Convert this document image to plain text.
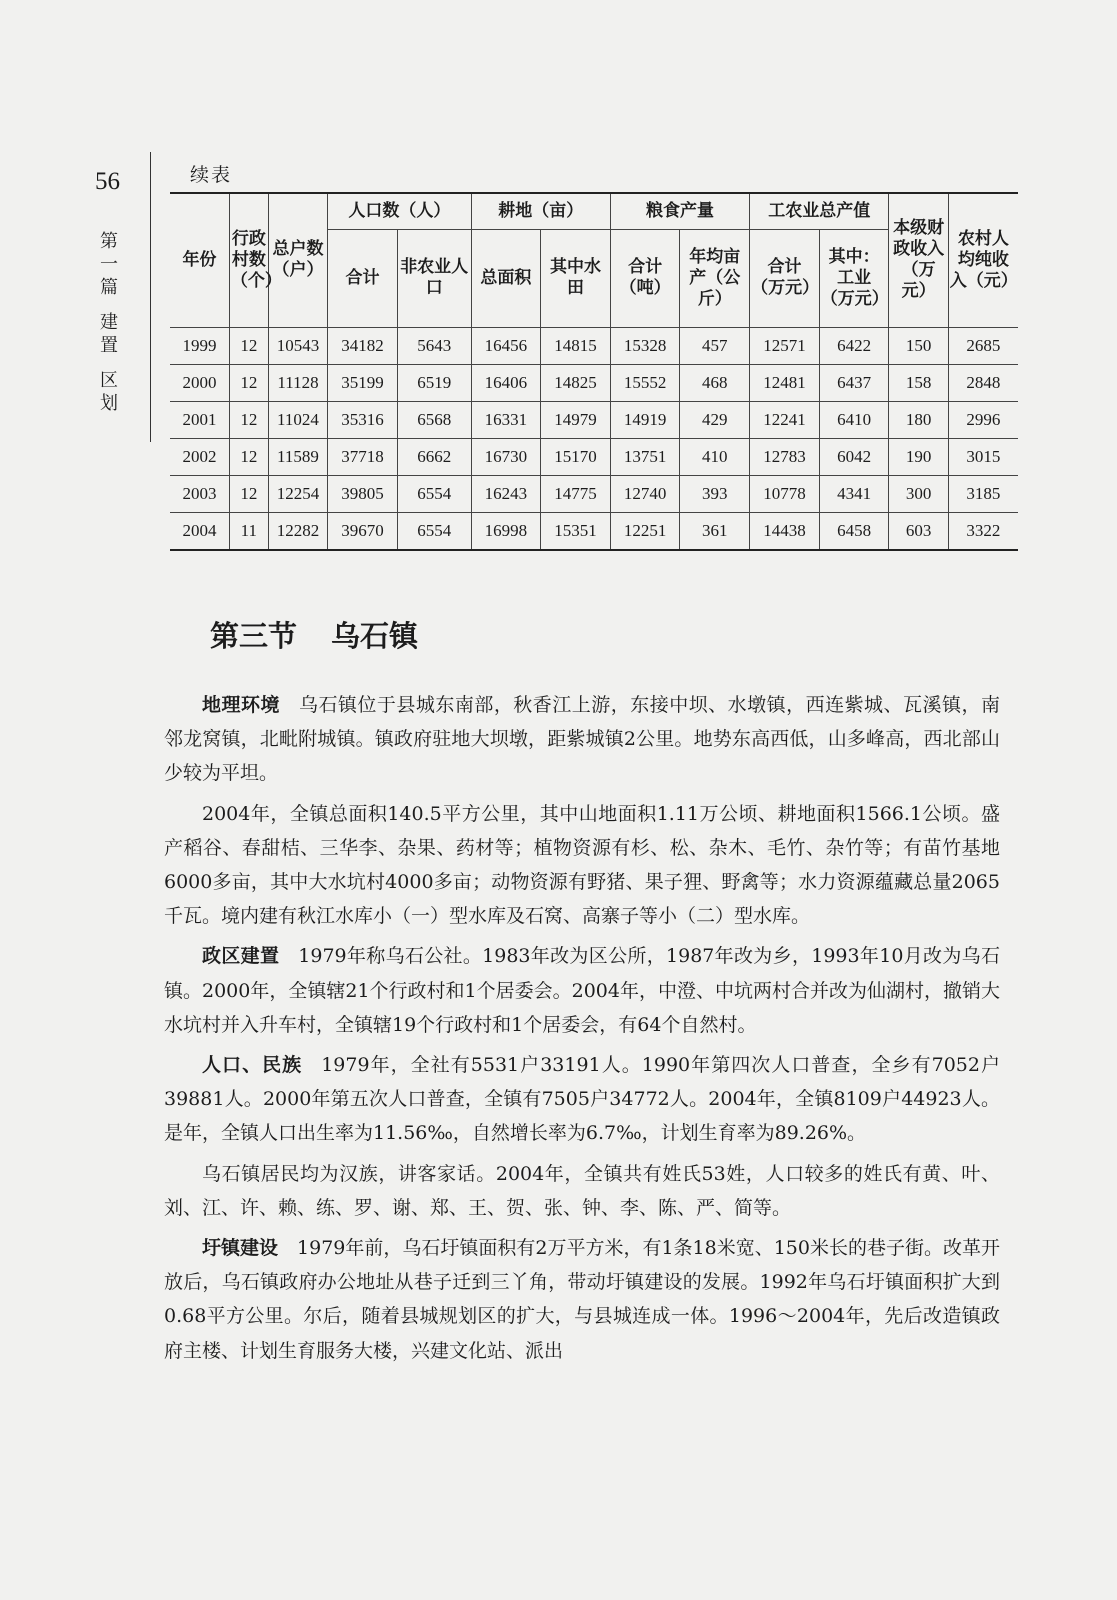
56
第
一
篇
建
置
区
划
续表
年份	行政村数（个）	总户数（户）	人口数（人）		耕地（亩）		粮食产量		工农业总产值		本级财政收入（万元）	农村人均纯收入（元）
			合计	非农业人口	总面积	其中水田	合计（吨）	年均亩产（公斤）	合计（万元）	其中：工业（万元）		
1999	12	10543	34182	5643	16456	14815	15328	457	12571	6422	150	2685
2000	12	11128	35199	6519	16406	14825	15552	468	12481	6437	158	2848
2001	12	11024	35316	6568	16331	14979	14919	429	12241	6410	180	2996
2002	12	11589	37718	6662	16730	15170	13751	410	12783	6042	190	3015
2003	12	12254	39805	6554	16243	14775	12740	393	10778	4341	300	3185
2004	11	12282	39670	6554	16998	15351	12251	361	14438	6458	603	3322
第三节 乌石镇

地理环境 乌石镇位于县城东南部，秋香江上游，东接中坝、水墩镇，西连紫城、瓦溪镇，南邻龙窝镇，北毗附城镇。镇政府驻地大坝墩，距紫城镇2公里。地势东高西低，山多峰高，西北部山少较为平坦。

2004年，全镇总面积140.5平方公里，其中山地面积1.11万公顷、耕地面积1566.1公顷。盛产稻谷、春甜桔、三华李、杂果、药材等；植物资源有杉、松、杂木、毛竹、杂竹等；有苗竹基地6000多亩，其中大水坑村4000多亩；动物资源有野猪、果子狸、野禽等；水力资源蕴藏总量2065千瓦。境内建有秋江水库小（一）型水库及石窝、高寨子等小（二）型水库。

政区建置 1979年称乌石公社。1983年改为区公所，1987年改为乡，1993年10月改为乌石镇。2000年，全镇辖21个行政村和1个居委会。2004年，中澄、中坑两村合并改为仙湖村，撤销大水坑村并入升车村，全镇辖19个行政村和1个居委会，有64个自然村。

人口、民族 1979年，全社有5531户33191人。1990年第四次人口普查，全乡有7052户39881人。2000年第五次人口普查，全镇有7505户34772人。2004年，全镇8109户44923人。是年，全镇人口出生率为11.56‰，自然增长率为6.7‰，计划生育率为89.26%。

乌石镇居民均为汉族，讲客家话。2004年，全镇共有姓氏53姓，人口较多的姓氏有黄、叶、刘、江、许、赖、练、罗、谢、郑、王、贺、张、钟、李、陈、严、简等。

圩镇建设 1979年前，乌石圩镇面积有2万平方米，有1条18米宽、150米长的巷子街。改革开放后，乌石镇政府办公地址从巷子迁到三丫角，带动圩镇建设的发展。1992年乌石圩镇面积扩大到0.68平方公里。尔后，随着县城规划区的扩大，与县城连成一体。1996～2004年，先后改造镇政府主楼、计划生育服务大楼，兴建文化站、派出
